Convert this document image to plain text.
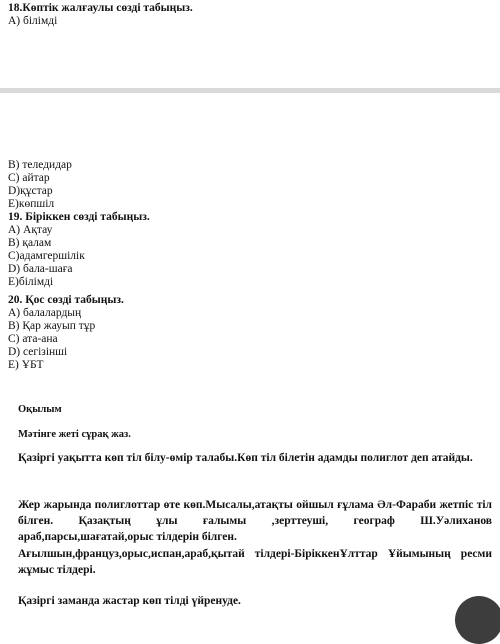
18.Көптік жалғаулы сөзді табыңыз.
А) білімді
В) теледидар
С) айтар
D)құстар
Е)көпшіл
19. Біріккен сөзді табыңыз.
А) Ақтау
В) қалам
С)адамгершілік
D) бала-шаға
Е)білімді
20. Қос сөзді табыңыз.
А) балалардың
В) Қар жауып тұр
С) ата-ана
D) сегізінші
Е) ҰБТ
Оқылым
Мәтінге жеті сұрақ жаз.
Қазіргі уақытта көп тіл білу-өмір талабы.Көп тіл білетін адамды полиглот деп атайды.
Жер жарында полиглоттар өте көп.Мысалы,атақты ойшыл ғұлама Әл-Фараби жетпіс тіл білген. Қазақтың ұлы ғалымы ,зерттеуші, географ Ш.Уәлиханов араб,парсы,шағатай,орыс тілдерін білген.
Ағылшын,француз,орыс,испан,араб,қытай тілдері-БіріккенҰлттар Ұйымының ресми жұмыс тілдері.
Қазіргі заманда жастар көп тілді үйренуде.
